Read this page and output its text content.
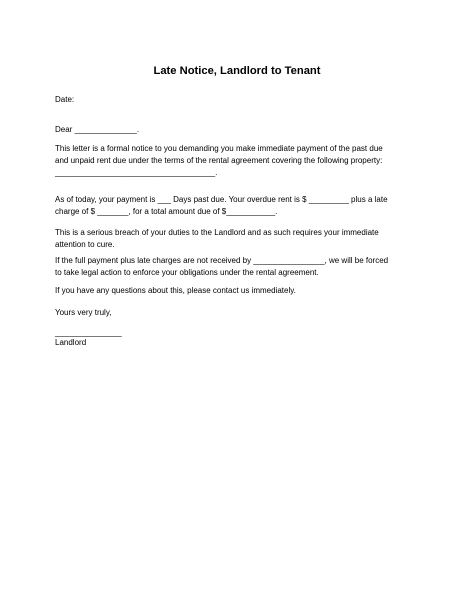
Late Notice, Landlord to Tenant

Date:

Dear ______________.

This letter is a formal notice to you demanding you make immediate payment of the past due
and unpaid rent due under the terms of the rental agreement covering the following property:
____________________________________.
As of today, your payment is ___ Days past due. Your overdue rent is $ _________ plus a late
charge of $ _______, for a total amount due of $___________.
This is a serious breach of your duties to the Landlord and as such requires your immediate
attention to cure.
If the full payment plus late charges are not received by ________________, we will be forced
to take legal action to enforce your obligations under the rental agreement.

If you have any questions about this, please contact us immediately.

Yours very truly,

_______________

Landlord
